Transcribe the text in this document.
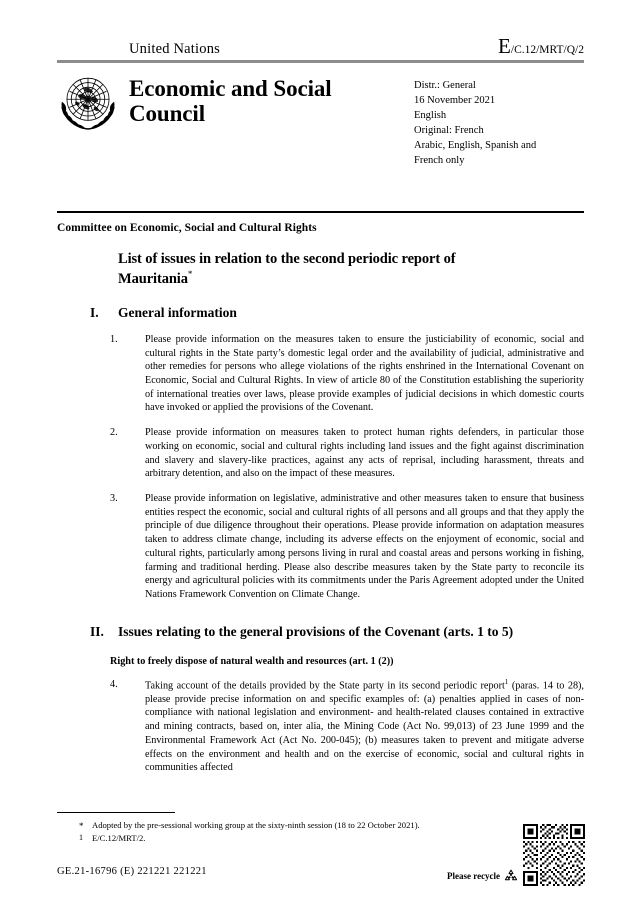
United Nations	E/C.12/MRT/Q/2
Economic and Social Council
Distr.: General
16 November 2021
English
Original: French
Arabic, English, Spanish and
French only
Committee on Economic, Social and Cultural Rights
List of issues in relation to the second periodic report of Mauritania*
I.	General information
1.	Please provide information on the measures taken to ensure the justiciability of economic, social and cultural rights in the State party’s domestic legal order and the availability of judicial, administrative and other remedies for persons who allege violations of the rights enshrined in the International Covenant on Economic, Social and Cultural Rights. In view of article 80 of the Constitution establishing the superiority of international treaties over laws, please provide examples of judicial decisions in which domestic courts have invoked or applied the provisions of the Covenant.
2.	Please provide information on measures taken to protect human rights defenders, in particular those working on economic, social and cultural rights including land issues and the fight against discrimination and slavery and slavery-like practices, against any acts of reprisal, including harassment, threats and arbitrary detention, and also on the impact of these measures.
3.	Please provide information on legislative, administrative and other measures taken to ensure that business entities respect the economic, social and cultural rights of all persons and all groups and that they apply the principle of due diligence throughout their operations. Please provide information on adaptation measures taken to address climate change, including its adverse effects on the enjoyment of economic, social and cultural rights, particularly among persons living in rural and coastal areas and persons working in fishing, farming and traditional herding. Please also describe measures taken by the State party to reconcile its energy and agricultural policies with its commitments under the Paris Agreement adopted under the United Nations Framework Convention on Climate Change.
II.	Issues relating to the general provisions of the Covenant (arts. 1 to 5)
Right to freely dispose of natural wealth and resources (art. 1 (2))
4.	Taking account of the details provided by the State party in its second periodic report$^1$ (paras. 14 to 28), please provide precise information on and specific examples of: (a) penalties applied in cases of non-compliance with national legislation and environment- and health-related clauses contained in extractive and mining contracts, based on, inter alia, the Mining Code (Act No. 99,013) of 23 June 1999 and the Environmental Framework Act (Act No. 200-045); (b) measures taken to prevent and mitigate adverse effects on the environment and health and on the exercise of economic, social and cultural rights in communities affected
* Adopted by the pre-sessional working group at the sixty-ninth session (18 to 22 October 2021).
1 E/C.12/MRT/2.
GE.21-16796 (E) 221221 221221	Please recycle
